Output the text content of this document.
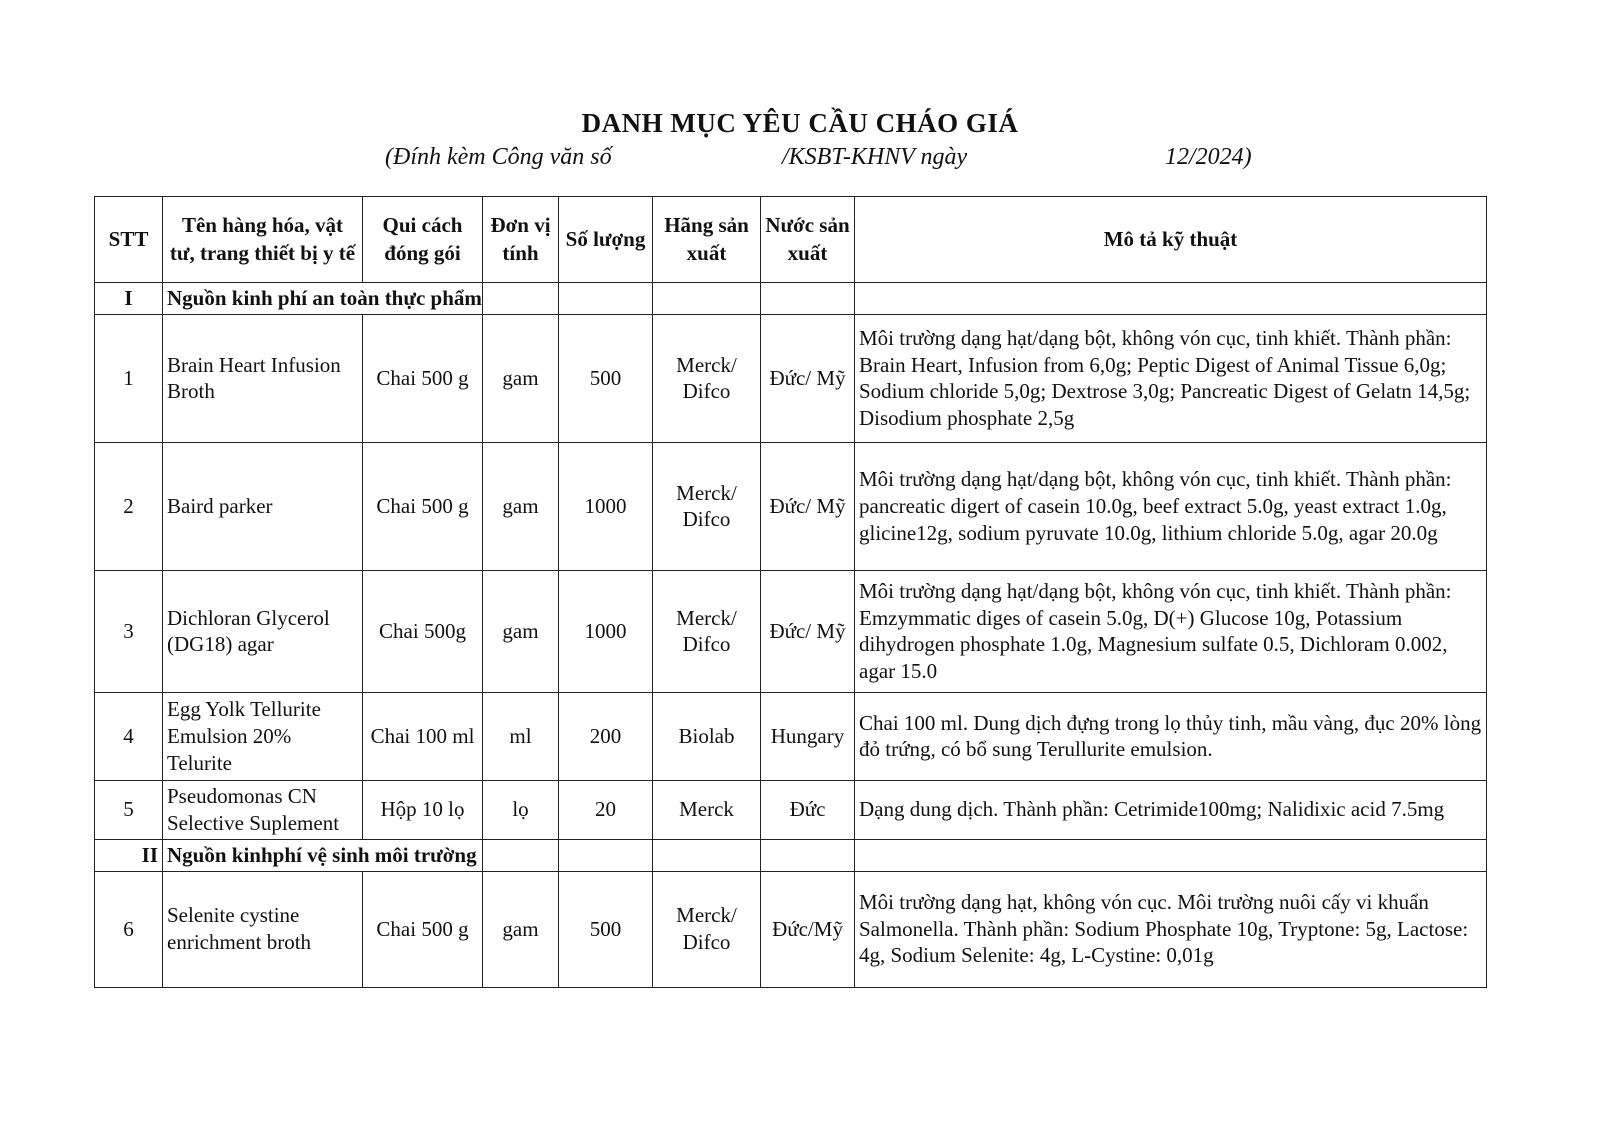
DANH MỤC YÊU CẦU CHÁO GIÁ
(Đính kèm Công văn số	/KSBT-KHNV ngày	12/2024)
STT	Tên hàng hóa, vật tư, trang thiết bị y tế	Qui cách đóng gói	Đơn vị tính	Số lượng	Hãng sản xuất	Nước sản xuất	Mô tả kỹ thuật
I	Nguồn kinh phí an toàn thực phẩm						
1	Brain Heart Infusion Broth	Chai 500 g	gam	500	Merck/ Difco	Đức/ Mỹ	Môi trường dạng hạt/dạng bột, không vón cục, tinh khiết. Thành phần: Brain Heart, Infusion from 6,0g; Peptic Digest of Animal Tissue 6,0g; Sodium chloride 5,0g; Dextrose 3,0g; Pancreatic Digest of Gelatn 14,5g; Disodium phosphate 2,5g
2	Baird parker	Chai 500 g	gam	1000	Merck/ Difco	Đức/ Mỹ	Môi trường dạng hạt/dạng bột, không vón cục, tinh khiết. Thành phần: pancreatic digert of casein 10.0g, beef extract 5.0g, yeast extract 1.0g, glicine12g, sodium pyruvate 10.0g, lithium chloride 5.0g, agar 20.0g
3	Dichloran Glycerol (DG18) agar	Chai 500g	gam	1000	Merck/ Difco	Đức/ Mỹ	Môi trường dạng hạt/dạng bột, không vón cục, tinh khiết. Thành phần: Emzymmatic diges of casein 5.0g, D(+) Glucose 10g, Potassium dihydrogen phosphate 1.0g, Magnesium sulfate 0.5, Dichloram 0.002, agar 15.0
4	Egg Yolk Tellurite Emulsion 20% Telurite	Chai 100 ml	ml	200	Biolab	Hungary	Chai 100 ml. Dung dịch đựng trong lọ thủy tinh, mầu vàng, đục 20% lòng đỏ trứng, có bổ sung Terullurite emulsion.
5	Pseudomonas CN Selective Suplement	Hộp 10 lọ	lọ	20	Merck	Đức	Dạng dung dịch. Thành phần: Cetrimide100mg; Nalidixic acid 7.5mg
II	Nguồn kinhphí vệ sinh môi trường						
6	Selenite cystine enrichment broth	Chai 500 g	gam	500	Merck/ Difco	Đức/Mỹ	Môi trường dạng hạt, không vón cục. Môi trường nuôi cấy vi khuẩn Salmonella. Thành phần: Sodium Phosphate 10g, Tryptone: 5g, Lactose: 4g, Sodium Selenite: 4g, L-Cystine: 0,01g
